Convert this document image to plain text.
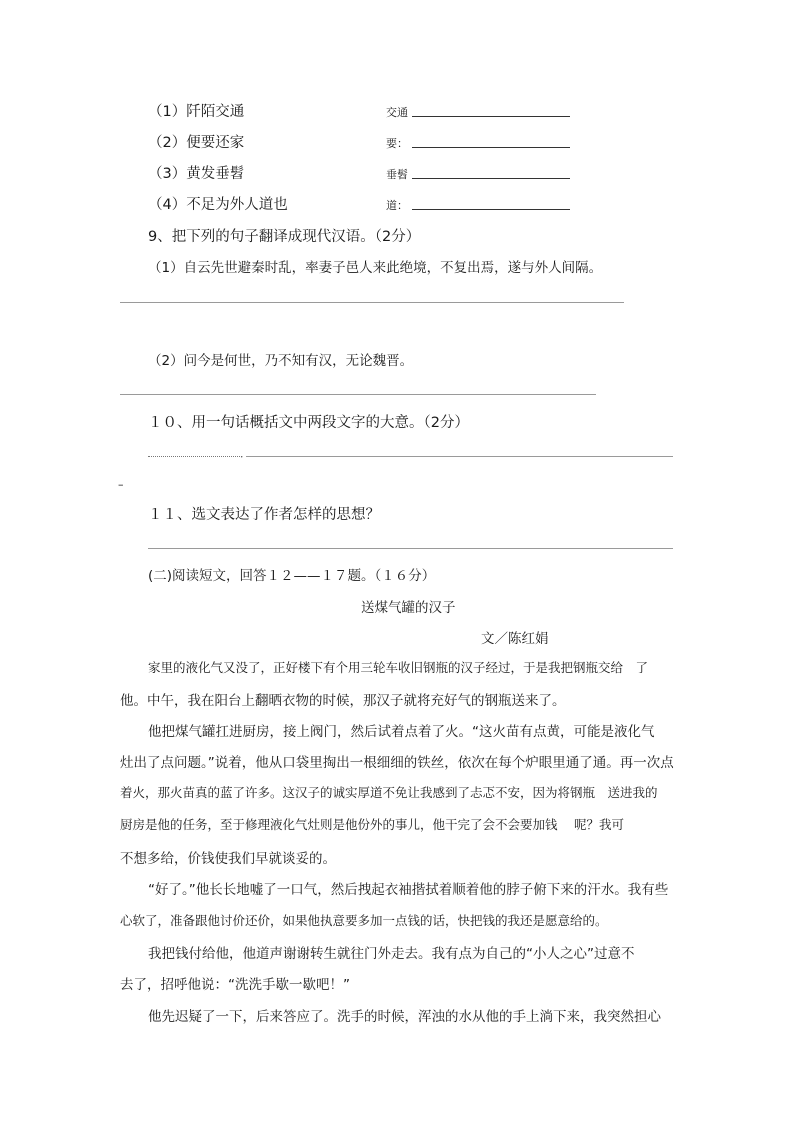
（1）阡陌交通	交通
（2）便要还家	要：
（3）黄发垂髫	垂髫
（4）不足为外人道也	道：
9、把下列的句子翻译成现代汉语。（2分）
（1）自云先世避秦时乱，率妻子邑人来此绝境，不复出焉，遂与外人间隔。
（2）问今是何世，乃不知有汉，无论魏晋。
１０、用一句话概括文中两段文字的大意。（2分）
．
–
１１、选文表达了作者怎样的思想？
(二)阅读短文，回答１２——１７题。（１６分）
送煤气罐的汉子
文／陈红娟
家里的液化气又没了，正好楼下有个用三轮车收旧钢瓶的汉子经过，于是我把钢瓶交给　了
他。中午，我在阳台上翻晒衣物的时候，那汉子就将充好气的钢瓶送来了。
他把煤气罐扛进厨房，接上阀门，然后试着点着了火。“这火苗有点黄，可能是液化气
灶出了点问题。”说着，他从口袋里掏出一根细细的铁丝，依次在每个炉眼里通了通。再一次点
着火，那火苗真的蓝了许多。这汉子的诚实厚道不免让我感到了忐忑不安，因为将钢瓶　送进我的
厨房是他的任务，至于修理液化气灶则是他份外的事儿，他干完了会不会要加钱　 呢？我可
不想多给，价钱使我们早就谈妥的。
“好了。”他长长地嘘了一口气，然后拽起衣袖揩拭着顺着他的脖子俯下来的汗水。我有些
心软了，准备跟他讨价还价，如果他执意要多加一点钱的话，快把钱的我还是愿意给的。
我把钱付给他，他道声谢谢转生就往门外走去。我有点为自己的“小人之心”过意不
去了，招呼他说：“洗洗手歇一歇吧！”
他先迟疑了一下，后来答应了。洗手的时候，浑浊的水从他的手上淌下来，我突然担心
